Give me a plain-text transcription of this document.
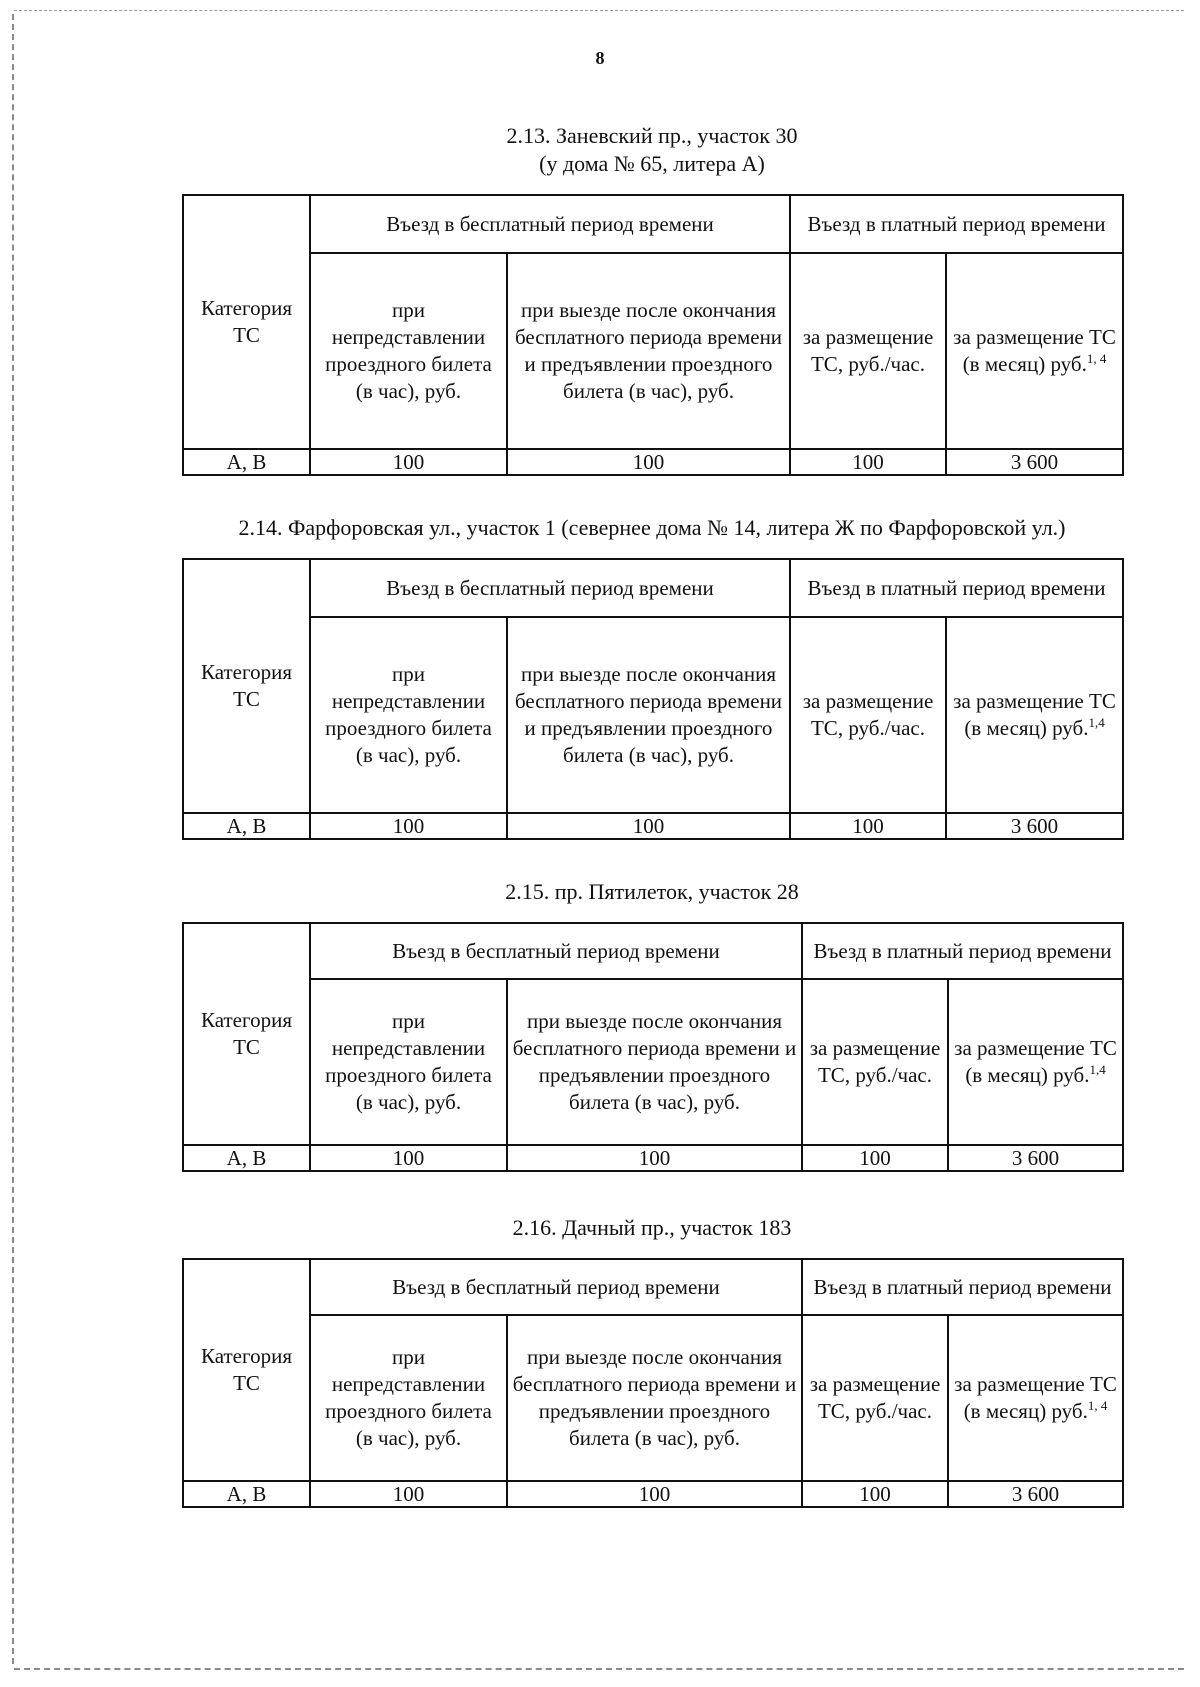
8
2.13. Заневский пр., участок 30
(у дома № 65, литера А)
Категория ТС	Въезд в бесплатный период времени		Въезд в платный период времени	
	при непредставлении проездного билета (в час), руб.	при выезде после окончания бесплатного периода времени и предъявлении проездного билета (в час), руб.	за размещение ТС, руб./час.	за размещение ТС (в месяц) руб.$^{1, 4}$
А, В	100	100	100	3 600
2.14. Фарфоровская ул., участок 1 (севернее дома № 14, литера Ж по Фарфоровской ул.)
Категория ТС	Въезд в бесплатный период времени		Въезд в платный период времени	
	при непредставлении проездного билета (в час), руб.	при выезде после окончания бесплатного периода времени и предъявлении проездного билета (в час), руб.	за размещение ТС, руб./час.	за размещение ТС (в месяц) руб.$^{1,4}$
А, В	100	100	100	3 600
2.15. пр. Пятилеток, участок 28
Категория ТС	Въезд в бесплатный период времени		Въезд в платный период времени	
	при непредставлении проездного билета (в час), руб.	при выезде после окончания бесплатного периода времени и предъявлении проездного билета (в час), руб.	за размещение ТС, руб./час.	за размещение ТС (в месяц) руб.$^{1,4}$
А, В	100	100	100	3 600
2.16. Дачный пр., участок 183
Категория ТС	Въезд в бесплатный период времени		Въезд в платный период времени	
	при непредставлении проездного билета (в час), руб.	при выезде после окончания бесплатного периода времени и предъявлении проездного билета (в час), руб.	за размещение ТС, руб./час.	за размещение ТС (в месяц) руб.$^{1, 4}$
А, В	100	100	100	3 600
